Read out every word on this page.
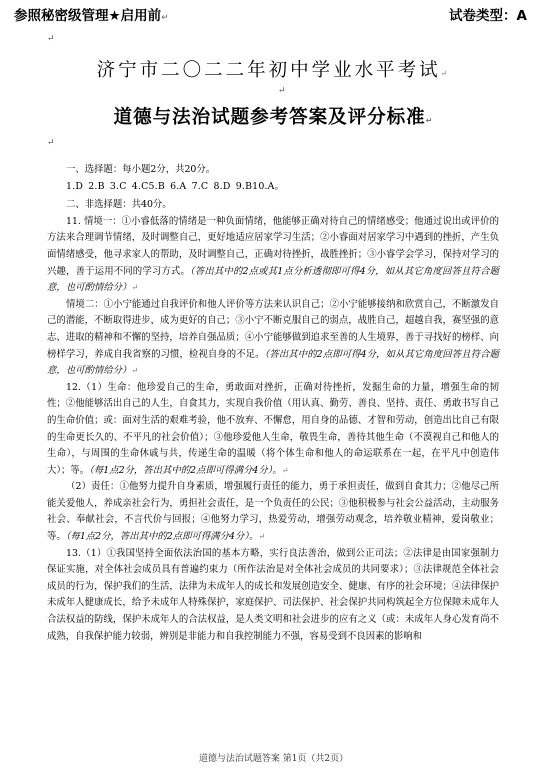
参照秘密级管理★启用前↵	试卷类型：A
↵
济宁市二〇二二年初中学业水平考试↵
↵
道德与法治试题参考答案及评分标准↵
↵

一、选择题：每小题2分，共20分。

1.D 2.B 3.C 4.C5.B 6.A 7.C 8.D 9.B10.A。

二、非选择题：共40分。

11. 情境一：①小睿低落的情绪是一种负面情绪，他能够正确对待自己的情绪感受；他通过说出或评价的方法来合理调节情绪，及时调整自己，更好地适应居家学习生活；②小睿面对居家学习中遇到的挫折，产生负面情绪感受，他寻求家人的帮助，及时调整自己，正确对待挫折，战胜挫折；③小睿学会学习，保持对学习的兴趣，善于运用不同的学习方式。（答出其中的2点或其1点分析透彻即可得4分，如从其它角度回答且符合题意，也可酌情给分）↵

情境二：①小宁能通过自我评价和他人评价等方法来认识自己；②小宁能够接纳和欣赏自己，不断激发自己的潜能，不断取得进步，成为更好的自己；③小宁不断克服自己的弱点，战胜自己，超越自我，赛坚强的意志、进取的精神和不懈的坚持，培养自强品质；④小宁能够做到追求至善的人生境界，善于寻找好的榜样、向榜样学习，养成自我省察的习惯，检视自身的不足。（答出其中的2点即可得4分，如从其它角度回答且符合题意，也可酌情给分）↵

12.（1）生命：他珍爱自己的生命，勇敢面对挫折，正确对待挫折，发掘生命的力量，增强生命的韧性；②他能够活出自己的人生，自食其力，实现自我价值（用认真、勤劳、善良、坚持、责任、勇敢书写自己的生命价值；或：面对生活的艰难考验，他不放弃、不懈怠，用自身的品德、才智和劳动，创造出比自己有限的生命更长久的、不平凡的社会价值）；③他珍爱他人生命，敬畏生命，善待其他生命（不漠视自己和他人的生命），与周围的生命休戚与共，传递生命的温暖（将个体生命和他人的命运联系在一起，在平凡中创造伟大）；等。（每1点2分，答出其中的2点即可得满分4分）。↵

（2）责任：①他努力提升自身素质，增强履行责任的能力，勇于承担责任，做到自食其力；②他尽己所能关爱他人，养成亲社会行为，勇担社会责任，是一个负责任的公民；③他积极参与社会公益活动，主动服务社会、奉献社会，不言代价与回报；④他努力学习，热爱劳动，增强劳动观念，培养敬业精神，爱岗敬业；等。（每1点2分，答出其中的2点即可得满分4分）。↵

13.（1）①我国坚持全面依法治国的基本方略，实行良法善治，做到公正司法；②法律是由国家强制力保证实施，对全体社会成员具有普遍约束力（所作法治是对全体社会成员的共同要求）；③法律规范全体社会成员的行为，保护我们的生活，法律为未成年人的成长和发展创造安全、健康、有序的社会环境；④法律保护未成年人健康成长，给予未成年人特殊保护，家庭保护、司法保护、社会保护共同构筑起全方位保障未成年人合法权益的防线，保护未成年人的合法权益，是人类文明和社会进步的应有之义（或：未成年人身心发育尚不成熟，自我保护能力较弱，辨别是非能力和自我控制能力不强，容易受到不良因素的影响和

道德与法治试题答案 第1页（共2页）
